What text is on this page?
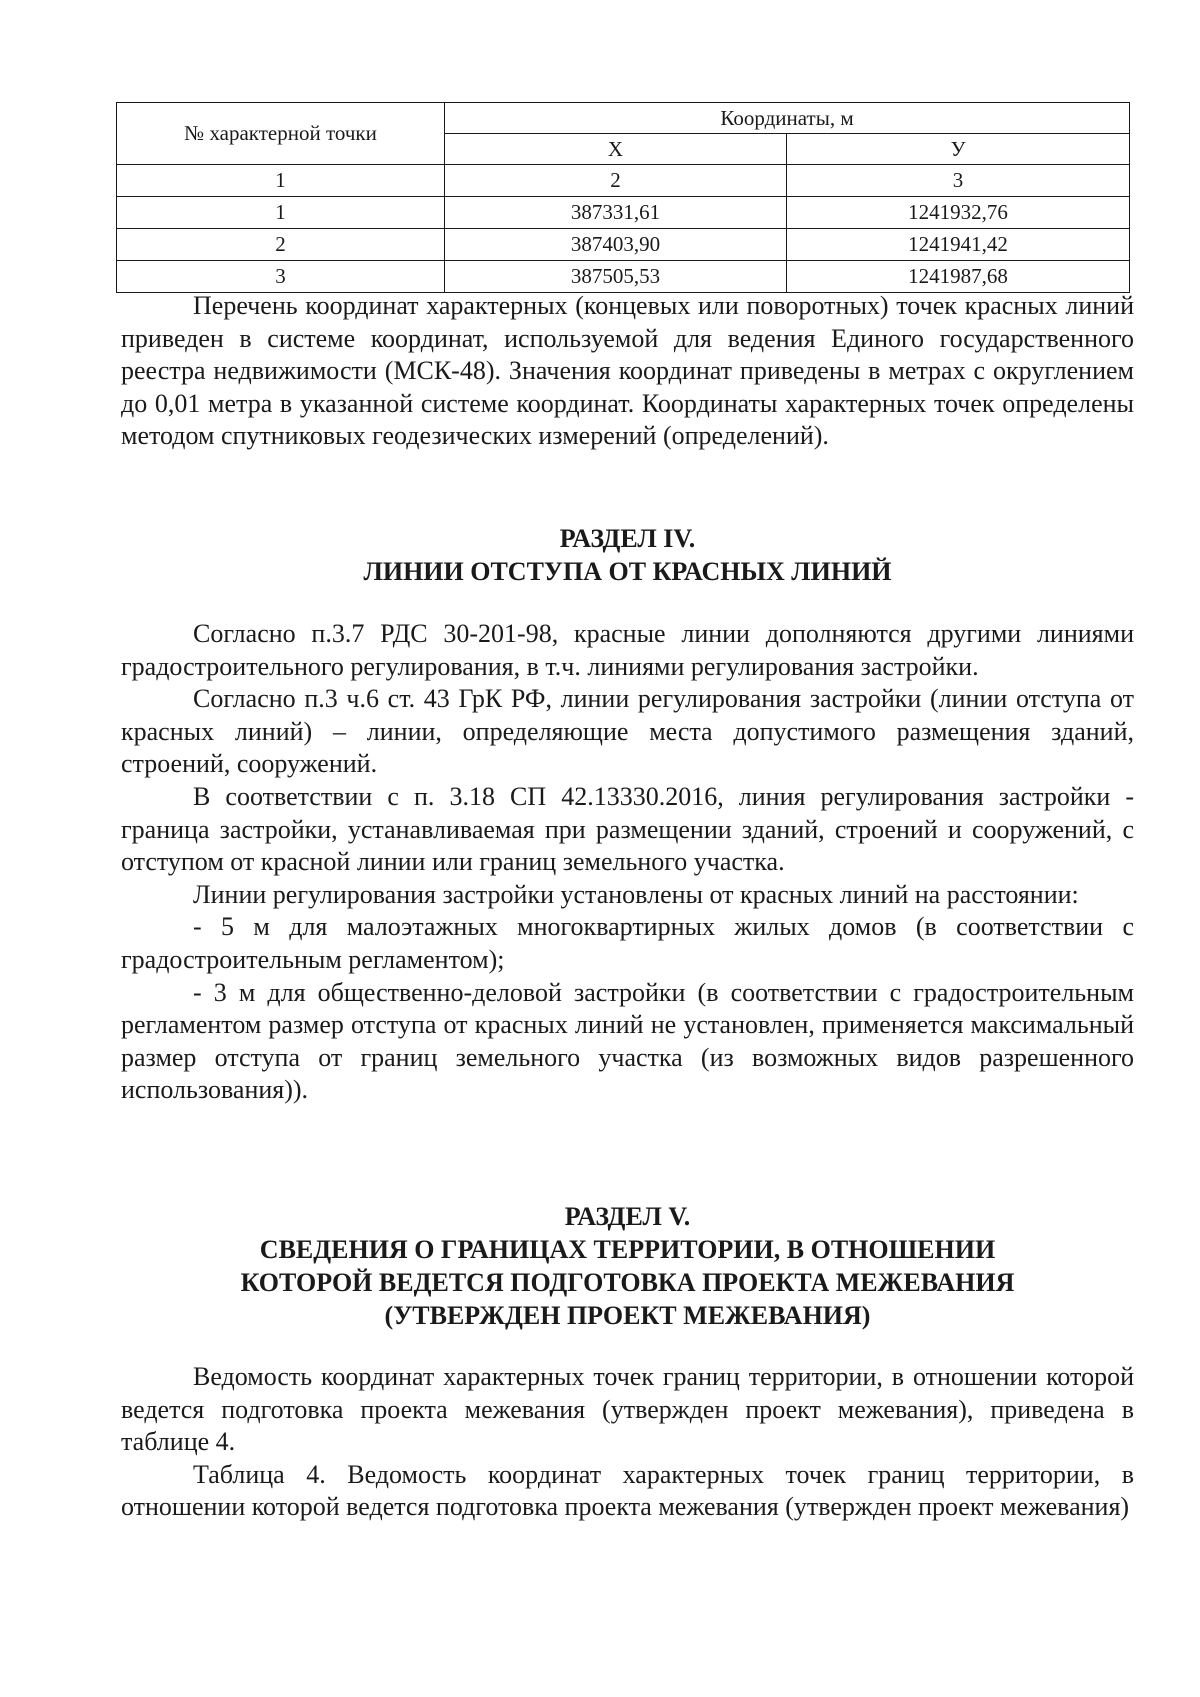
№ характерной точки	Координаты, м	
	Х	У
1	2	3
1	387331,61	1241932,76
2	387403,90	1241941,42
3	387505,53	1241987,68

Перечень координат характерных (концевых или поворотных) точек красных линий приведен в системе координат, используемой для ведения Единого государственного реестра недвижимости (МСК-48). Значения координат приведены в метрах с округлением до 0,01 метра в указанной системе координат. Координаты характерных точек определены методом спутниковых геодезических измерений (определений).

РАЗДЕЛ IV.
ЛИНИИ ОТСТУПА ОТ КРАСНЫХ ЛИНИЙ

Согласно п.3.7 РДС 30-201-98, красные линии дополняются другими линиями градостроительного регулирования, в т.ч. линиями регулирования застройки.

Согласно п.3 ч.6 ст. 43 ГрК РФ, линии регулирования застройки (линии отступа от красных линий) – линии, определяющие места допустимого размещения зданий, строений, сооружений.

В соответствии с п. 3.18 СП 42.13330.2016, линия регулирования застройки - граница застройки, устанавливаемая при размещении зданий, строений и сооружений, с отступом от красной линии или границ земельного участка.

Линии регулирования застройки установлены от красных линий на расстоянии:

- 5 м для малоэтажных многоквартирных жилых домов (в соответствии с градостроительным регламентом);

- 3 м для общественно-деловой застройки (в соответствии с градостроительным регламентом размер отступа от красных линий не установлен, применяется максимальный размер отступа от границ земельного участка (из возможных видов разрешенного использования)).

РАЗДЕЛ V.
СВЕДЕНИЯ О ГРАНИЦАХ ТЕРРИТОРИИ, В ОТНОШЕНИИ
КОТОРОЙ ВЕДЕТСЯ ПОДГОТОВКА ПРОЕКТА МЕЖЕВАНИЯ
(УТВЕРЖДЕН ПРОЕКТ МЕЖЕВАНИЯ)

Ведомость координат характерных точек границ территории, в отношении которой ведется подготовка проекта межевания (утвержден проект межевания), приведена в таблице 4.

Таблица 4. Ведомость координат характерных точек границ территории, в отношении которой ведется подготовка проекта межевания (утвержден проект межевания)
